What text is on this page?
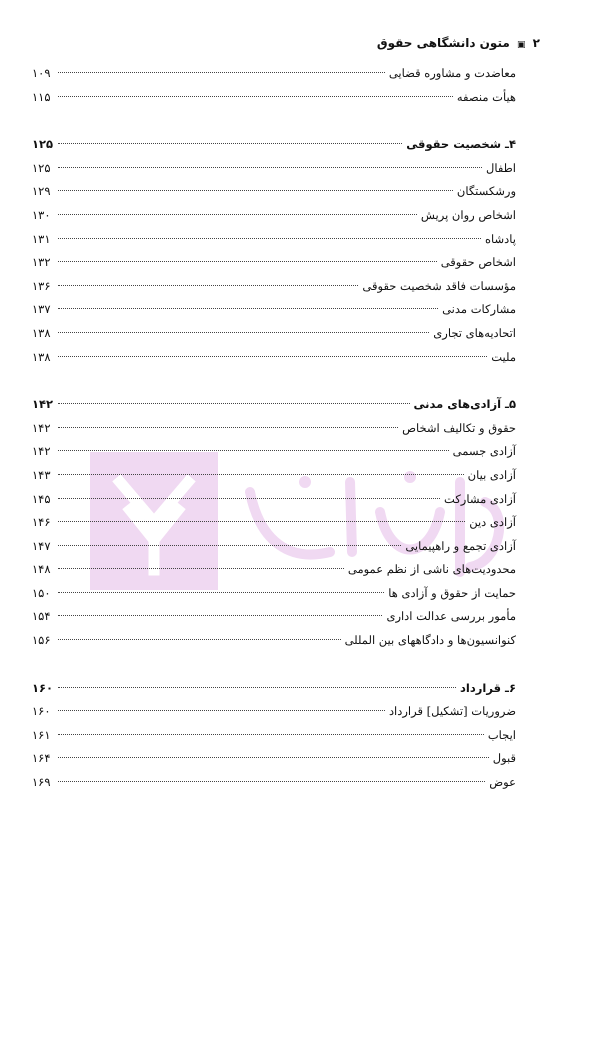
۲ ▣ متون دانشگاهی حقوق
معاضدت و مشاوره قضایی
۱۰۹
هیأت منصفه
۱۱۵
۴ـ شخصیت حقوقی
۱۲۵
اطفال
۱۲۵
ورشکستگان
۱۲۹
اشخاص روان پریش
۱۳۰
پادشاه
۱۳۱
اشخاص حقوقی
۱۳۲
مؤسسات فاقد شخصیت حقوقی
۱۳۶
مشارکات مدنی
۱۳۷
اتحادیه‌های تجاری
۱۳۸
ملیت
۱۳۸
۵ـ آزادی‌های مدنی
۱۴۲
حقوق و تکالیف اشخاص
۱۴۲
آزادی جسمی
۱۴۲
آزادی بیان
۱۴۳
آزادی مشارکت
۱۴۵
آزادی دین
۱۴۶
آزادی تجمع و راهپیمایی
۱۴۷
محدودیت‌های ناشی از نظم عمومی
۱۴۸
حمایت از حقوق و آزادی ها
۱۵۰
مأمور بررسی عدالت اداری
۱۵۴
کنوانسیون‌ها و دادگاههای بین المللی
۱۵۶
۶ـ قرارداد
۱۶۰
ضروریات [تشکیل] قرارداد
۱۶۰
ایجاب
۱۶۱
قبول
۱۶۴
عوض
۱۶۹
